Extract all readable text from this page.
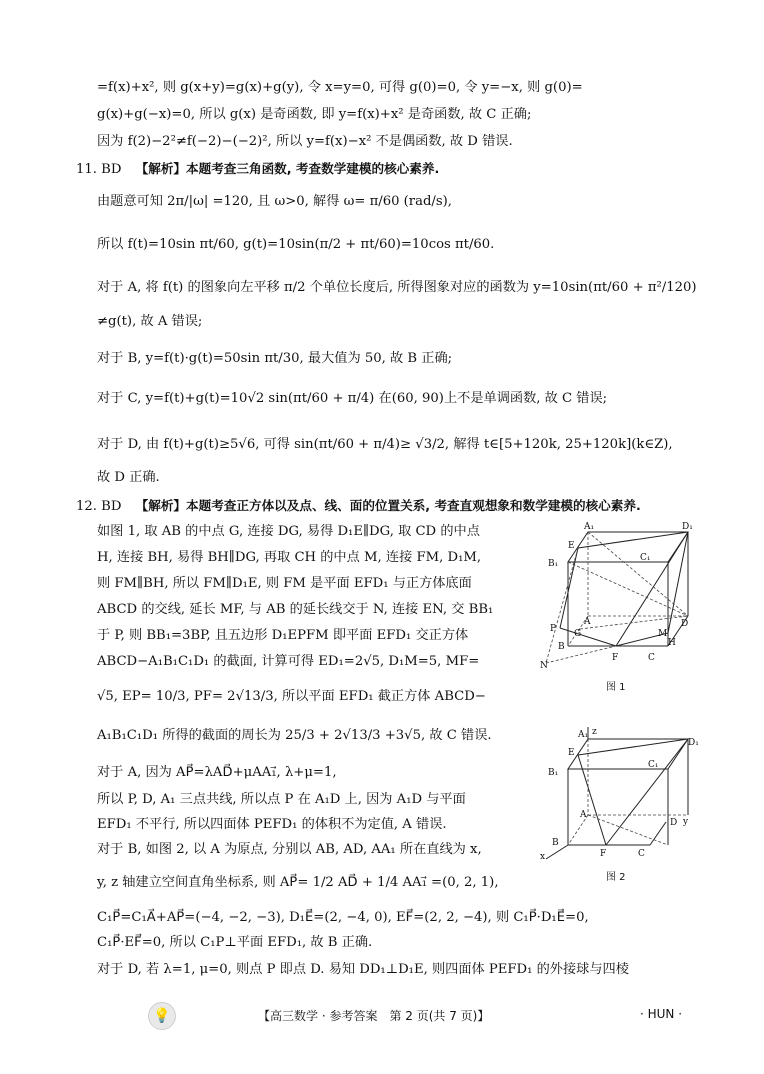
=f(x)+x², 则 g(x+y)=g(x)+g(y), 令 x=y=0, 可得 g(0)=0, 令 y=−x, 则 g(0)=
g(x)+g(−x)=0, 所以 g(x) 是奇函数, 即 y=f(x)+x² 是奇函数, 故 C 正确;
因为 f(2)−2²≠f(−2)−(−2)², 所以 y=f(x)−x² 不是偶函数, 故 D 错误.
11. BD 【解析】本题考查三角函数, 考查数学建模的核心素养.
由题意可知 2π/|ω| =120, 且 ω>0, 解得 ω= π/60 (rad/s),
所以 f(t)=10sin πt/60, g(t)=10sin(π/2 + πt/60)=10cos πt/60.
对于 A, 将 f(t) 的图象向左平移 π/2 个单位长度后, 所得图象对应的函数为 y=10sin(πt/60 + π²/120)
≠g(t), 故 A 错误;
对于 B, y=f(t)·g(t)=50sin πt/30, 最大值为 50, 故 B 正确;
对于 C, y=f(t)+g(t)=10√2 sin(πt/60 + π/4) 在(60, 90)上不是单调函数, 故 C 错误;
对于 D, 由 f(t)+g(t)≥5√6, 可得 sin(πt/60 + π/4)≥ √3/2, 解得 t∈[5+120k, 25+120k](k∈Z),
故 D 正确.
12. BD 【解析】本题考查正方体以及点、线、面的位置关系, 考查直观想象和数学建模的核心素养.
如图 1, 取 AB 的中点 G, 连接 DG, 易得 D₁E∥DG, 取 CD 的中点
H, 连接 BH, 易得 BH∥DG, 再取 CH 的中点 M, 连接 FM, D₁M,
则 FM∥BH, 所以 FM∥D₁E, 则 FM 是平面 EFD₁ 与正方体底面
ABCD 的交线, 延长 MF, 与 AB 的延长线交于 N, 连接 EN, 交 BB₁
于 P, 则 BB₁=3BP, 且五边形 D₁EPFM 即平面 EFD₁ 交正方体
ABCD−A₁B₁C₁D₁ 的截面, 计算可得 ED₁=2√5, D₁M=5, MF=
√5, EP= 10/3, PF= 2√13/3, 所以平面 EFD₁ 截正方体 ABCD−
A₁B₁C₁D₁ 所得的截面的周长为 25/3 + 2√13/3 +3√5, 故 C 错误.
对于 A, 因为 AP⃗=λAD⃗+μAA₁⃗, λ+μ=1,
所以 P, D, A₁ 三点共线, 所以点 P 在 A₁D 上, 因为 A₁D 与平面
EFD₁ 不平行, 所以四面体 PEFD₁ 的体积不为定值, A 错误.
对于 B, 如图 2, 以 A 为原点, 分别以 AB, AD, AA₁ 所在直线为 x,
y, z 轴建立空间直角坐标系, 则 AP⃗= 1/2 AD⃗ + 1/4 AA₁⃗ =(0, 2, 1),
C₁P⃗=C₁A⃗+AP⃗=(−4, −2, −3), D₁E⃗=(2, −4, 0), EF⃗=(2, 2, −4), 则 C₁P⃗·D₁E⃗=0,
C₁P⃗·EF⃗=0, 所以 C₁P⊥平面 EFD₁, 故 B 正确.
对于 D, 若 λ=1, μ=0, 则点 P 即点 D. 易知 DD₁⊥D₁E, 则四面体 PEFD₁ 的外接球与四棱
A₁	D₁
E
C₁
B₁
A
G
D
P	M
H
B
N
F	C
图 1
A₁ z
D₁
E
C₁
B₁
A
D y
B
x	F	C
图 2
💡	【高三数学 · 参考答案　第 2 页(共 7 页)】	· HUN ·
